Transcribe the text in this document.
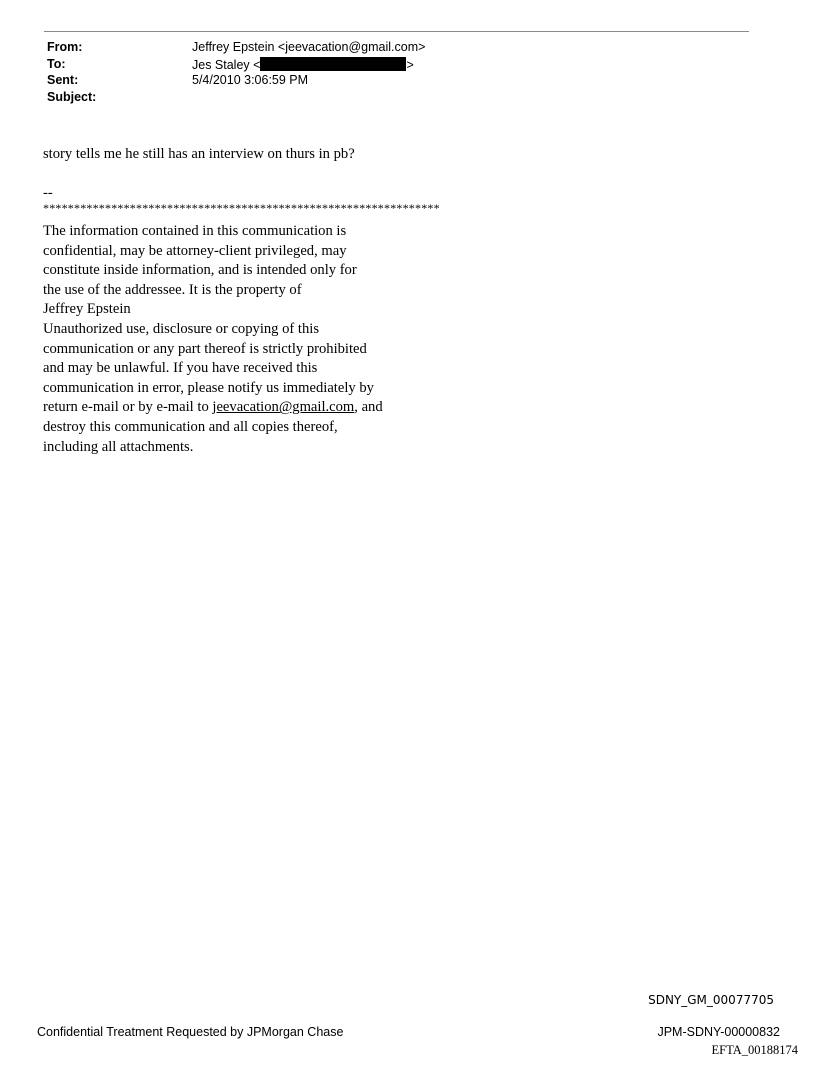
From:	Jeffrey Epstein <jeevacation@gmail.com>
To:	Jes Staley <	>
Sent:	5/4/2010 3:06:59 PM
Subject:
story tells me he still has an interview on thurs in pb?
--
****************************************************************
The information contained in this communication is
confidential, may be attorney-client privileged, may
constitute inside information, and is intended only for
the use of the addressee. It is the property of
Jeffrey Epstein
Unauthorized use, disclosure or copying of this
communication or any part thereof is strictly prohibited
and may be unlawful. If you have received this
communication in error, please notify us immediately by
return e-mail or by e-mail to jeevacation@gmail.com, and
destroy this communication and all copies thereof,
including all attachments.
SDNY_GM_00077705
Confidential Treatment Requested by JPMorgan Chase	JPM-SDNY-00000832
EFTA_00188174
